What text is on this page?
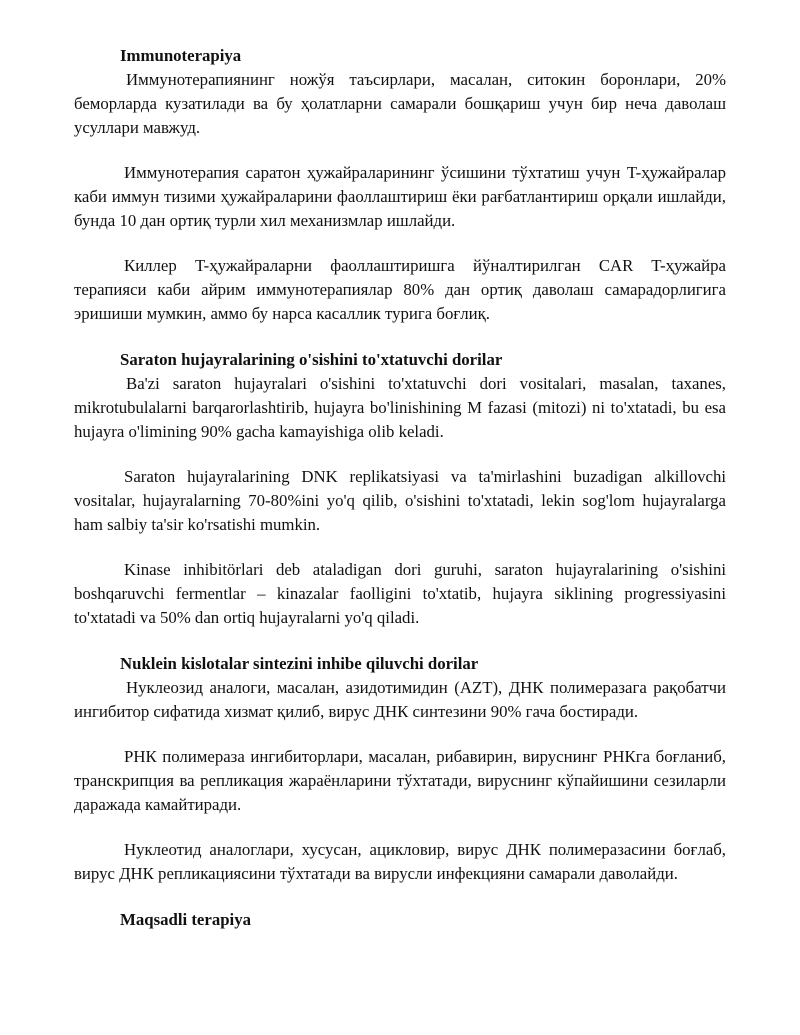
Immunoterapiya

Иммунотерапиянинг ножўя таъсирлари, масалан, ситокин боронлари, 20% беморларда кузатилади ва бу ҳолатларни самарали бошқариш учун бир неча даволаш усуллари мавжуд.

Иммунотерапия саратон ҳужайраларининг ўсишини тўхтатиш учун T-ҳужайралар каби иммун тизими ҳужайраларини фаоллаштириш ёки рағбатлантириш орқали ишлайди, бунда 10 дан ортиқ турли хил механизмлар ишлайди.

Киллер T-ҳужайраларни фаоллаштиришга йўналтирилган CAR T-ҳужайра терапияси каби айрим иммунотерапиялар 80% дан ортиқ даволаш самарадорлигига эришиши мумкин, аммо бу нарса касаллик турига боғлиқ.

Saraton hujayralarining o'sishini to'xtatuvchi dorilar

Ba'zi saraton hujayralari o'sishini to'xtatuvchi dori vositalari, masalan, taxanes, mikrotubulalarni barqarorlashtirib, hujayra bo'linishining M fazasi (mitozi) ni to'xtatadi, bu esa hujayra o'limining 90% gacha kamayishiga olib keladi.

Saraton hujayralarining DNK replikatsiyasi va ta'mirlashini buzadigan alkillovchi vositalar, hujayralarning 70-80%ini yo'q qilib, o'sishini to'xtatadi, lekin sog'lom hujayralarga ham salbiy ta'sir ko'rsatishi mumkin.

Kinase inhibitörlari deb ataladigan dori guruhi, saraton hujayralarining o'sishini boshqaruvchi fermentlar – kinazalar faolligini to'xtatib, hujayra siklining progressiyasini to'xtatadi va 50% dan ortiq hujayralarni yo'q qiladi.

Nuklein kislotalar sintezini inhibe qiluvchi dorilar

Нуклеозид аналоги, масалан, азидотимидин (AZT), ДНК полимеразага рақобатчи ингибитор сифатида хизмат қилиб, вирус ДНК синтезини 90% гача бостиради.

РНК полимераза ингибиторлари, масалан, рибавирин, вируснинг РНКга боғланиб, транскрипция ва репликация жараёнларини тўхтатади, вируснинг кўпайишини сезиларли даражада камайтиради.

Нуклеотид аналоглари, хусусан, ацикловир, вирус ДНК полимеразасини боғлаб, вирус ДНК репликациясини тўхтатади ва вирусли инфекцияни самарали даволайди.

Maqsadli terapiya
